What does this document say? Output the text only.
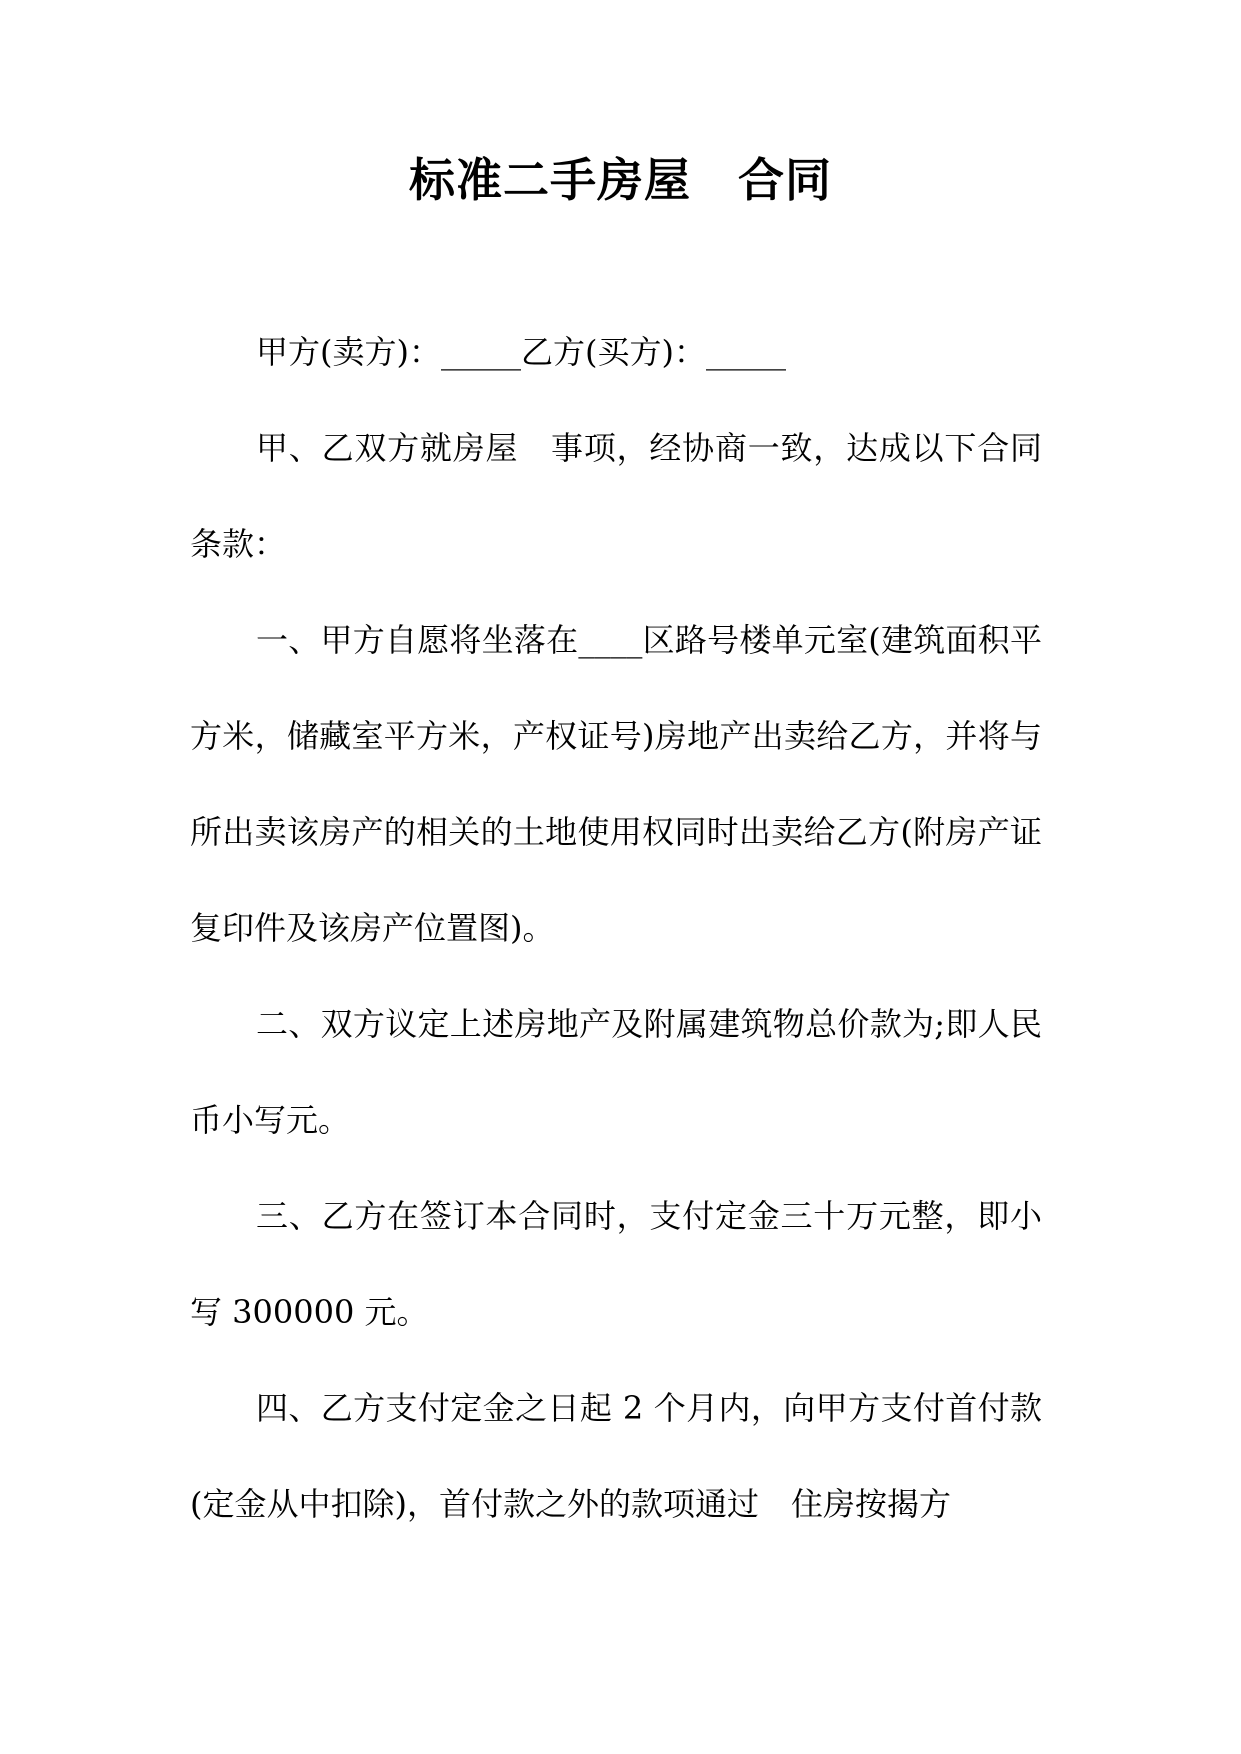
标准二手房屋　合同

甲方(卖方)：_____乙方(买方)：_____

甲、乙双方就房屋　事项，经协商一致，达成以下合同条款：

一、甲方自愿将坐落在____区路号楼单元室(建筑面积平方米，储藏室平方米，产权证号)房地产出卖给乙方，并将与所出卖该房产的相关的土地使用权同时出卖给乙方(附房产证复印件及该房产位置图)。

二、双方议定上述房地产及附属建筑物总价款为;即人民币小写元。

三、乙方在签订本合同时，支付定金三十万元整，即小写 300000 元。

四、乙方支付定金之日起 2 个月内，向甲方支付首付款(定金从中扣除)，首付款之外的款项通过　住房按揭方
